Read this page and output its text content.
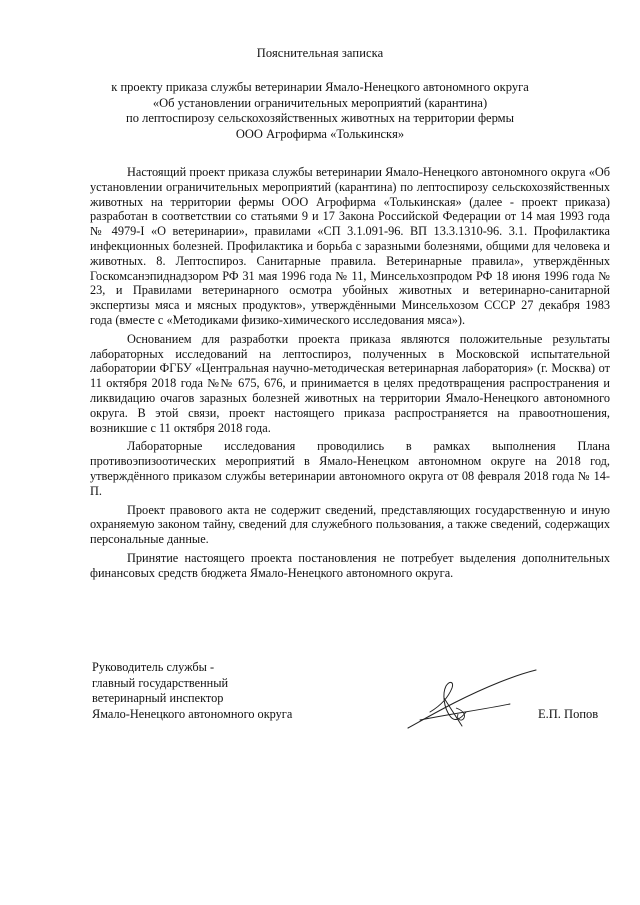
Пояснительная записка
к проекту приказа службы ветеринарии Ямало-Ненецкого автономного округа
«Об установлении ограничительных мероприятий (карантина)
по лептоспирозу сельскохозяйственных животных на территории фермы
ООО Агрофирма «Толькинскя»

Настоящий проект приказа службы ветеринарии Ямало-Ненецкого автономного округа «Об установлении ограничительных мероприятий (карантина) по лептоспирозу сельскохозяйственных животных на территории фермы ООО Агрофирма «Толькинская» (далее - проект приказа) разработан в соответствии со статьями 9 и 17 Закона Российской Федерации от 14 мая 1993 года № 4979-I «О ветеринарии», правилами «СП 3.1.091-96. ВП 13.3.1310-96. 3.1. Профилактика инфекционных болезней. Профилактика и борьба с заразными болезнями, общими для человека и животных. 8. Лептоспироз. Санитарные правила. Ветеринарные правила», утверждённых Госкомсанэпиднадзором РФ 31 мая 1996 года № 11, Минсельхозпродом РФ 18 июня 1996 года № 23, и Правилами ветеринарного осмотра убойных животных и ветеринарно-санитарной экспертизы мяса и мясных продуктов», утверждёнными Минсельхозом СССР 27 декабря 1983 года (вместе с «Методиками физико-химического исследования мяса»).

Основанием для разработки проекта приказа являются положительные результаты лабораторных исследований на лептоспироз, полученных в Московской испытательной лаборатории ФГБУ «Центральная научно-методическая ветеринарная лаборатория» (г. Москва) от 11 октября 2018 года №№ 675, 676, и принимается в целях предотвращения распространения и ликвидацию очагов заразных болезней животных на территории Ямало-Ненецкого автономного округа. В этой связи, проект настоящего приказа распространяется на правоотношения, возникшие с 11 октября 2018 года.

Лабораторные исследования проводились в рамках выполнения Плана противоэпизоотических мероприятий в Ямало-Ненецком автономном округе на 2018 год, утверждённого приказом службы ветеринарии автономного округа от 08 февраля 2018 года № 14-П.

Проект правового акта не содержит сведений, представляющих государственную и иную охраняемую законом тайну, сведений для служебного пользования, а также сведений, содержащих персональные данные.

Принятие настоящего проекта постановления не потребует выделения дополнительных финансовых средств бюджета Ямало-Ненецкого автономного округа.

Руководитель службы -
главный государственный
ветеринарный инспектор
Ямало-Ненецкого автономного округа	Е.П. Попов
